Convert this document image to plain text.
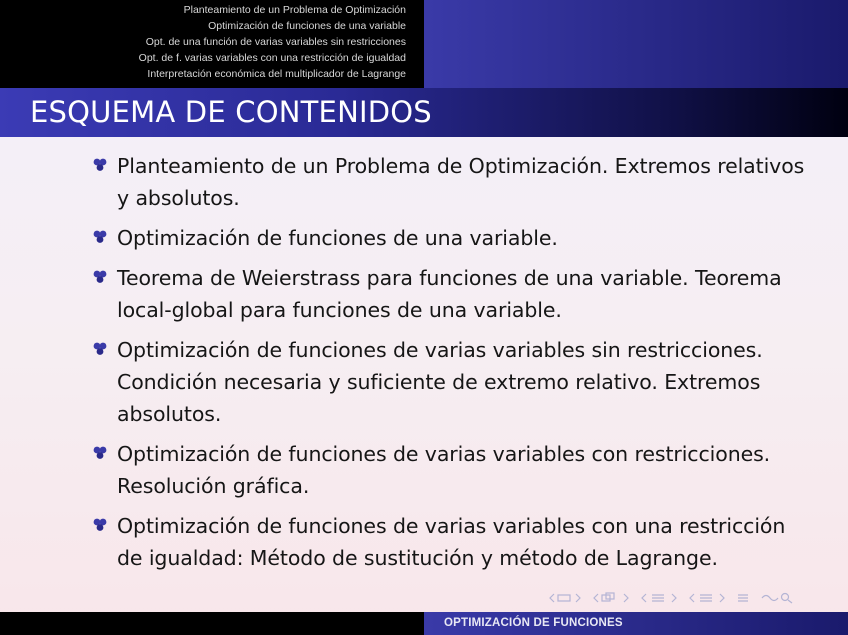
Planteamiento de un Problema de Optimización
Optimización de funciones de una variable
Opt. de una función de varias variables sin restricciones
Opt. de f. varias variables con una restricción de igualdad
Interpretación económica del multiplicador de Lagrange
ESQUEMA DE CONTENIDOS
Planteamiento de un Problema de Optimización. Extremos relativos y absolutos.
Optimización de funciones de una variable.
Teorema de Weierstrass para funciones de una variable. Teorema local-global para funciones de una variable.
Optimización de funciones de varias variables sin restricciones. Condición necesaria y suficiente de extremo relativo. Extremos absolutos.
Optimización de funciones de varias variables con restricciones. Resolución gráfica.
Optimización de funciones de varias variables con una restricción de igualdad: Método de sustitución y método de Lagrange.
OPTIMIZACIÓN DE FUNCIONES
